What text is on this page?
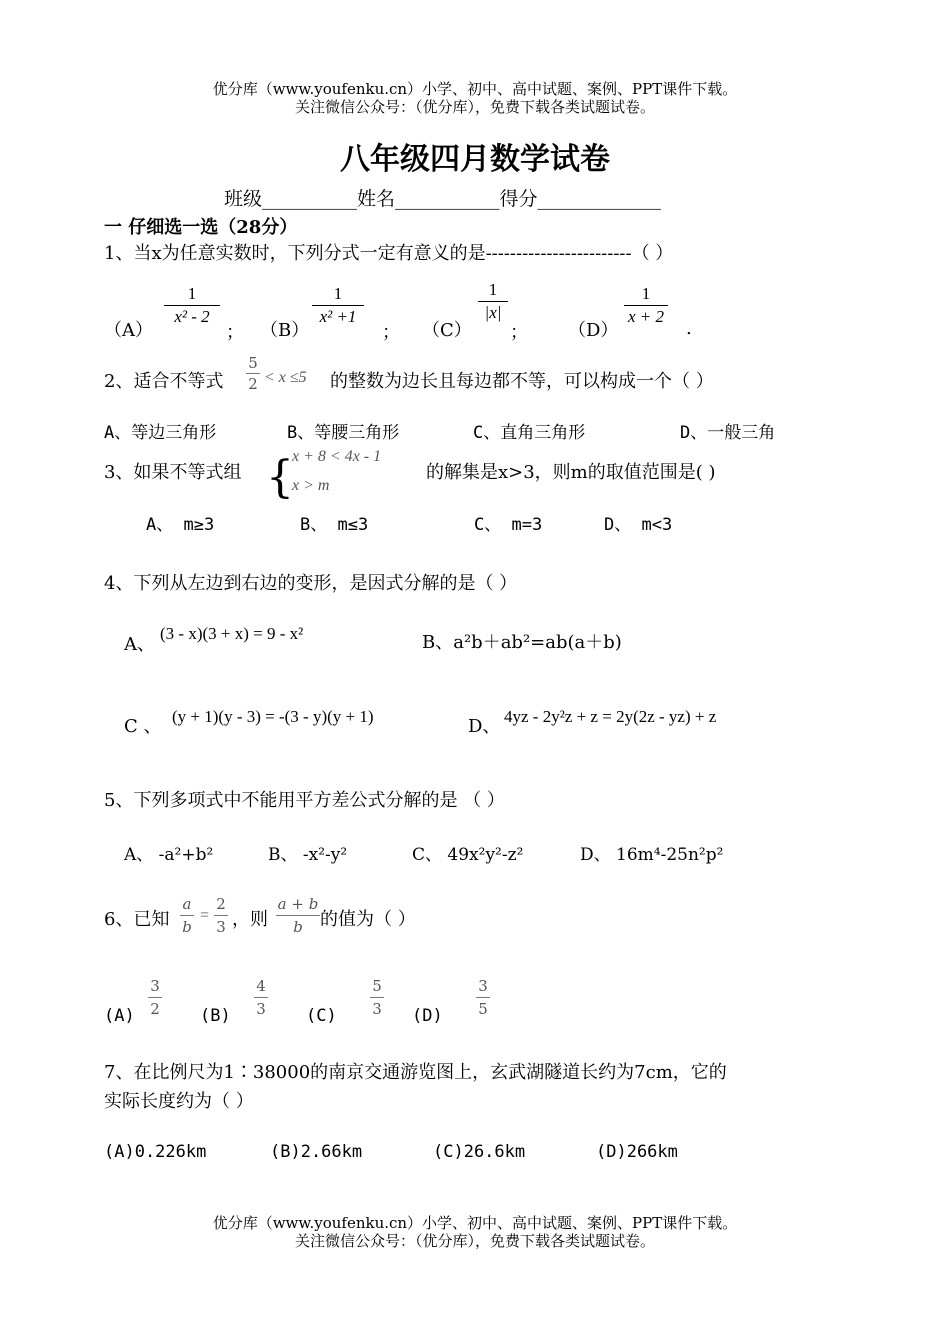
优分库（www.youfenku.cn）小学、初中、高中试题、案例、PPT课件下载。
关注微信公众号：（优分库），免费下载各类试题试卷。
八年级四月数学试卷
班级__________姓名___________得分_____________
一 仔细选一选（28分）
1、当x为任意实数时，下列分式一定有意义的是------------------------（ ）
（A）
1
x² - 2
； （B）
1
x² +1
； （C）
1
|x|
； （D）
1
x + 2
.
2、适合不等式
5
2 < x ≤5 的整数为边长且每边都不等，可以构成一个（ ）
A、等边三角形	B、等腰三角形	C、直角三角形	D、一般三角
3、如果不等式组 {
x + 8 < 4x - 1
x > m
的解集是x>3，则m的取值范围是( )
A、 m≥3	B、 m≤3	C、 m=3	D、 m<3
4、下列从左边到右边的变形，是因式分解的是（ ）
A、
(3 - x)(3 + x) = 9 - x²	B、a²b＋ab²=ab(a＋b)
C 、 (y + 1)(y - 3) = -(3 - y)(y + 1)	D、 4yz - 2y²z + z = 2y(2z - yz) + z
5、下列多项式中不能用平方差公式分解的是 （ ）
A、 -a²+b²	B、 -x²-y²	C、 49x²y²-z²	D、 16m⁴-25n²p²
6、已知
a
b
=
2
3 ，则
a + b
b 的值为（ ）
(A)
3
2 (B)
4
3 (C)
5
3 (D)
3
5
7、在比例尺为1∶38000的南京交通游览图上，玄武湖隧道长约为7cm，它的
实际长度约为（ ）
(A)0.226km	(B)2.66km	(C)26.6km	(D)266km
优分库（www.youfenku.cn）小学、初中、高中试题、案例、PPT课件下载。
关注微信公众号：（优分库），免费下载各类试题试卷。
